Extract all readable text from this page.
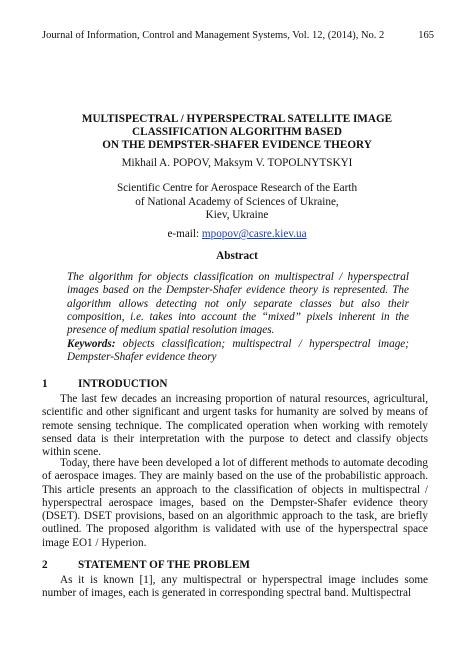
Journal of Information, Control and Management Systems, Vol. 12, (2014), No. 2	165
MULTISPECTRAL / HYPERSPECTRAL SATELLITE IMAGE
CLASSIFICATION ALGORITHM BASED
ON THE DEMPSTER-SHAFER EVIDENCE THEORY
Mikhail A. POPOV, Maksym V. TOPOLNYTSKYI
Scientific Centre for Aerospace Research of the Earth
of National Academy of Sciences of Ukraine,
Kiev, Ukraine
e-mail: mpopov@casre.kiev.ua
Abstract
The algorithm for objects classification on multispectral / hyperspectral images based on the Dempster-Shafer evidence theory is represented. The algorithm allows detecting not only separate classes but also their composition, i.e. takes into account the “mixed” pixels inherent in the presence of medium spatial resolution images.
Keywords: objects classification; multispectral / hyperspectral image; Dempster-Shafer evidence theory
1	INTRODUCTION
The last few decades an increasing proportion of natural resources, agricultural, scientific and other significant and urgent tasks for humanity are solved by means of remote sensing technique. The complicated operation when working with remotely sensed data is their interpretation with the purpose to detect and classify objects within scene.
Today, there have been developed a lot of different methods to automate decoding of aerospace images. They are mainly based on the use of the probabilistic approach. This article presents an approach to the classification of objects in multispectral / hyperspectral aerospace images, based on the Dempster-Shafer evidence theory (DSET). DSET provisions, based on an algorithmic approach to the task, are briefly outlined. The proposed algorithm is validated with use of the hyperspectral space image EO1 / Hyperion.
2	STATEMENT OF THE PROBLEM
As it is known [1], any multispectral or hyperspectral image includes some number of images, each is generated in corresponding spectral band. Multispectral
